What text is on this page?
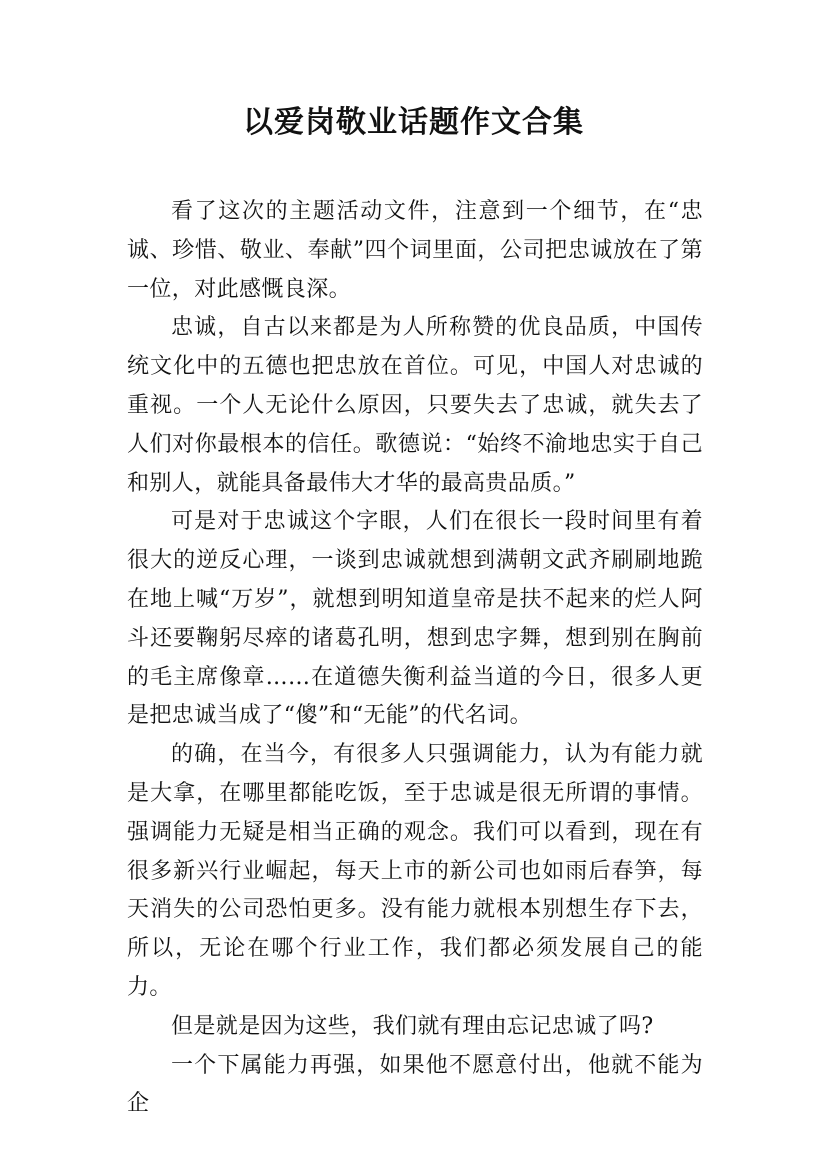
以爱岗敬业话题作文合集

看了这次的主题活动文件，注意到一个细节，在“忠诚、珍惜、敬业、奉献”四个词里面，公司把忠诚放在了第一位，对此感慨良深。

忠诚，自古以来都是为人所称赞的优良品质，中国传统文化中的五德也把忠放在首位。可见，中国人对忠诚的重视。一个人无论什么原因，只要失去了忠诚，就失去了人们对你最根本的信任。歌德说：“始终不渝地忠实于自己和别人，就能具备最伟大才华的最高贵品质。”

可是对于忠诚这个字眼，人们在很长一段时间里有着很大的逆反心理，一谈到忠诚就想到满朝文武齐刷刷地跪在地上喊“万岁”，就想到明知道皇帝是扶不起来的烂人阿斗还要鞠躬尽瘁的诸葛孔明，想到忠字舞，想到别在胸前的毛主席像章……在道德失衡利益当道的今日，很多人更是把忠诚当成了“傻”和“无能”的代名词。

的确，在当今，有很多人只强调能力，认为有能力就是大拿，在哪里都能吃饭，至于忠诚是很无所谓的事情。强调能力无疑是相当正确的观念。我们可以看到，现在有很多新兴行业崛起，每天上市的新公司也如雨后春笋，每天消失的公司恐怕更多。没有能力就根本别想生存下去，所以，无论在哪个行业工作，我们都必须发展自己的能力。

但是就是因为这些，我们就有理由忘记忠诚了吗?

一个下属能力再强，如果他不愿意付出，他就不能为企
